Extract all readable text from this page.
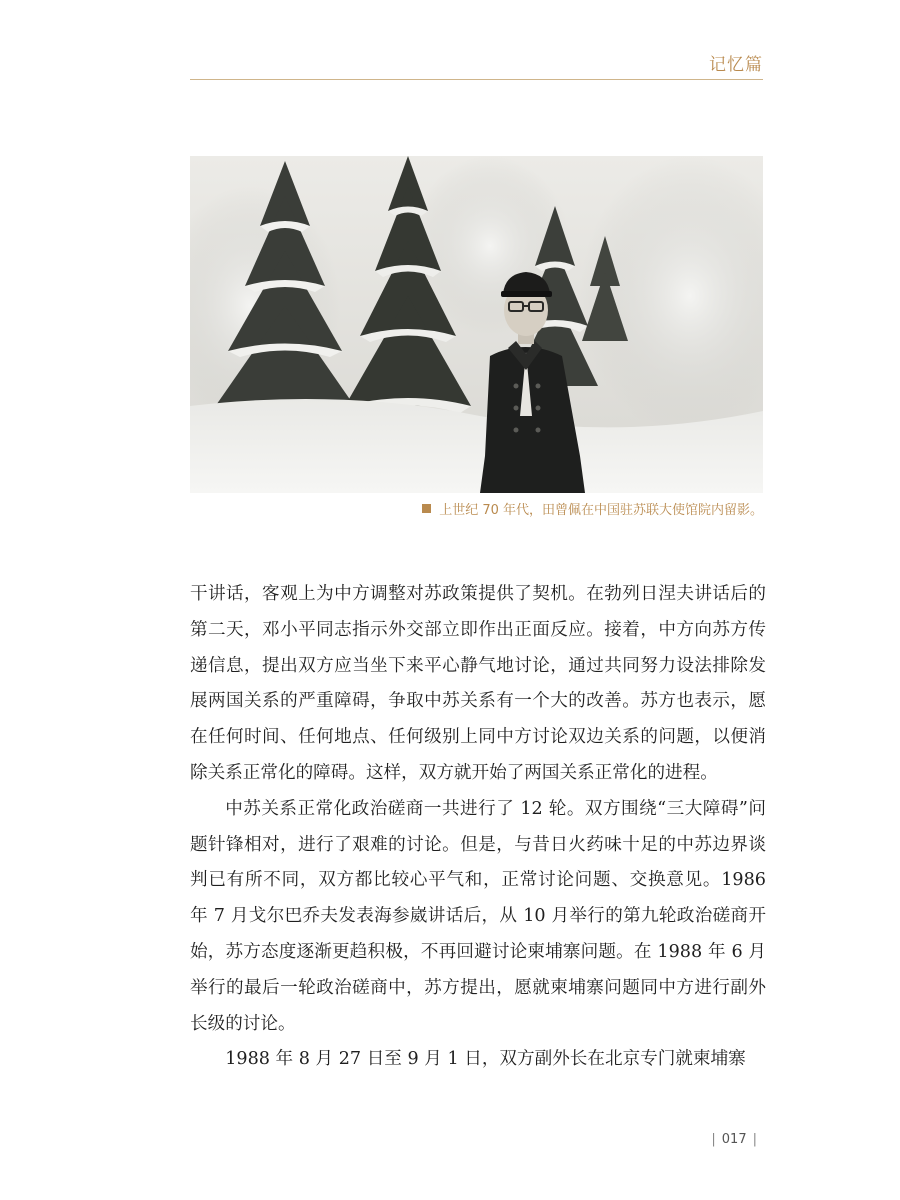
记忆篇
上世纪 70 年代，田曾佩在中国驻苏联大使馆院内留影。

干讲话，客观上为中方调整对苏政策提供了契机。在勃列日涅夫讲话后的第二天，邓小平同志指示外交部立即作出正面反应。接着，中方向苏方传递信息，提出双方应当坐下来平心静气地讨论，通过共同努力设法排除发展两国关系的严重障碍，争取中苏关系有一个大的改善。苏方也表示，愿在任何时间、任何地点、任何级别上同中方讨论双边关系的问题，以便消除关系正常化的障碍。这样，双方就开始了两国关系正常化的进程。

中苏关系正常化政治磋商一共进行了 12 轮。双方围绕“三大障碍”问题针锋相对，进行了艰难的讨论。但是，与昔日火药味十足的中苏边界谈判已有所不同，双方都比较心平气和，正常讨论问题、交换意见。1986 年 7 月戈尔巴乔夫发表海参崴讲话后，从 10 月举行的第九轮政治磋商开始，苏方态度逐渐更趋积极，不再回避讨论柬埔寨问题。在 1988 年 6 月举行的最后一轮政治磋商中，苏方提出，愿就柬埔寨问题同中方进行副外长级的讨论。

1988 年 8 月 27 日至 9 月 1 日，双方副外长在北京专门就柬埔寨

| 017 |
